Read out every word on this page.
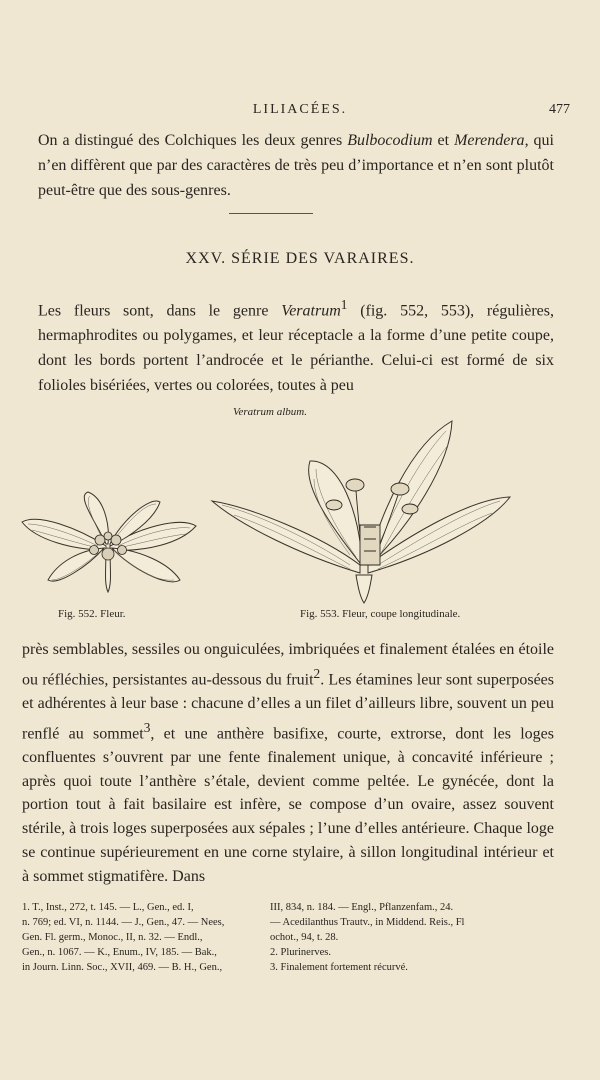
LILIACÉES.	477

On a distingué des Colchiques les deux genres Bulbocodium et Merendera, qui n’en diffèrent que par des caractères de très peu d’importance et n’en sont plutôt peut-être que des sous-genres.

XXV. SÉRIE DES VARAIRES.

Les fleurs sont, dans le genre Veratrum$^1$ (fig. 552, 553), régulières, hermaphrodites ou polygames, et leur réceptacle a la forme d’une petite coupe, dont les bords portent l’androcée et le périanthe. Celui-ci est formé de six folioles bisériées, vertes ou colorées, toutes à peu

Veratrum album.
Fig. 552. Fleur.	Fig. 553. Fleur, coupe longitudinale.

près semblables, sessiles ou onguiculées, imbriquées et finalement étalées en étoile ou réfléchies, persistantes au-dessous du fruit$^2$. Les étamines leur sont superposées et adhérentes à leur base : chacune d’elles a un filet d’ailleurs libre, souvent un peu renflé au sommet$^3$, et une anthère basifixe, courte, extrorse, dont les loges confluentes s’ouvrent par une fente finalement unique, à concavité inférieure ; après quoi toute l’anthère s’étale, devient comme peltée. Le gynécée, dont la portion tout à fait basilaire est infère, se compose d’un ovaire, assez souvent stérile, à trois loges superposées aux sépales ; l’une d’elles antérieure. Chaque loge se continue supérieurement en une corne stylaire, à sillon longitudinal intérieur et à sommet stigmatifère. Dans

1. T., Inst., 272, t. 145. — L., Gen., ed. I,
n. 769; ed. VI, n. 1144. — J., Gen., 47. — Nees,
Gen. Fl. germ., Monoc., II, n. 32. — Endl.,
Gen., n. 1067. — K., Enum., IV, 185. — Bak.,
in Journ. Linn. Soc., XVII, 469. — B. H., Gen.,
III, 834, n. 184. — Engl., Pflanzenfam., 24.
— Acedilanthus Trautv., in Middend. Reis., Fl
ochot., 94, t. 28.
2. Plurinerves.
3. Finalement fortement récurvé.
